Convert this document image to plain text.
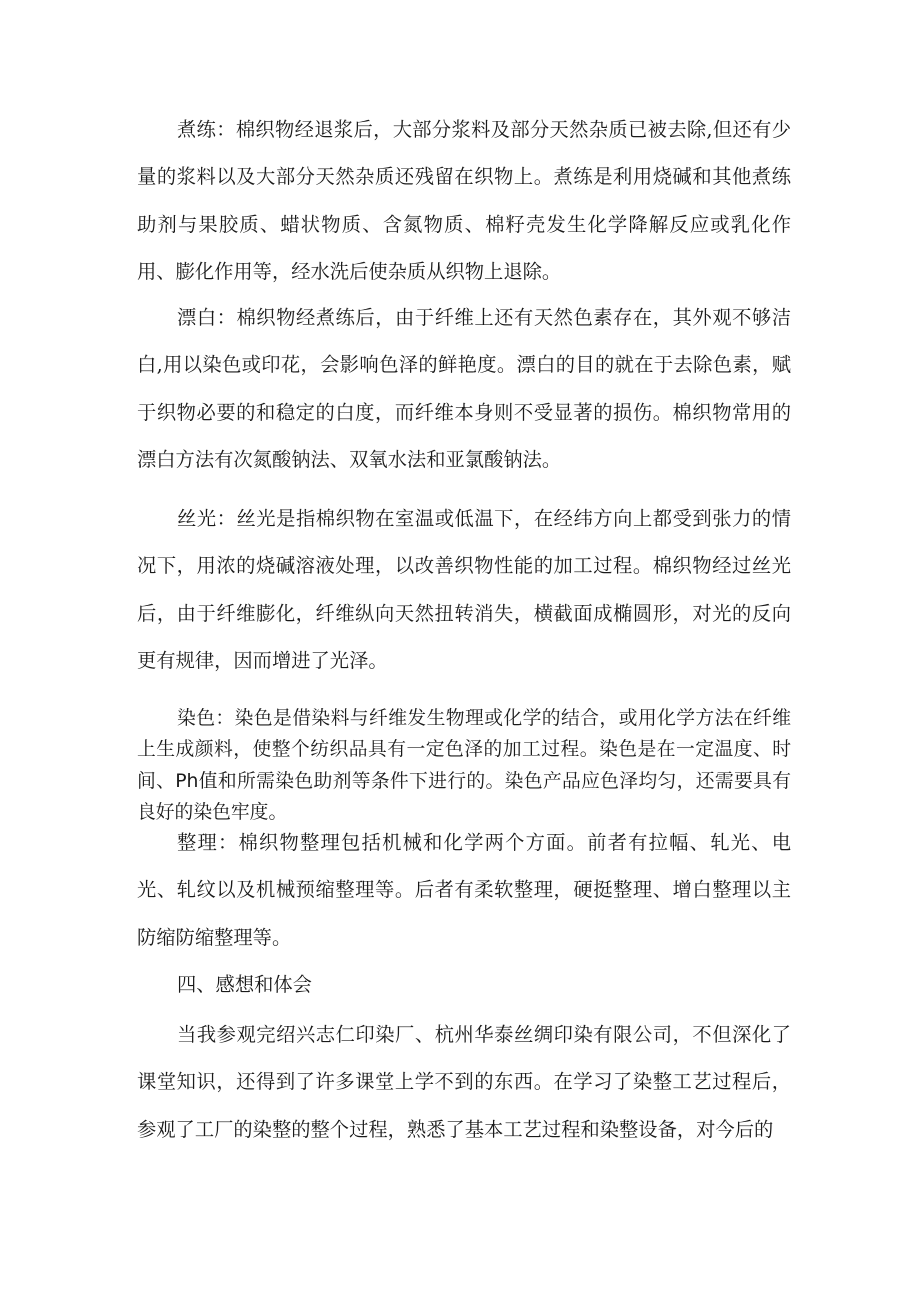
煮练：棉织物经退浆后，大部分浆料及部分天然杂质已被去除,但还有少量的浆料以及大部分天然杂质还残留在织物上。煮练是利用烧碱和其他煮练助剂与果胶质、蜡状物质、含氮物质、棉籽壳发生化学降解反应或乳化作用、膨化作用等，经水洗后使杂质从织物上退除。

漂白：棉织物经煮练后，由于纤维上还有天然色素存在，其外观不够洁白,用以染色或印花，会影响色泽的鲜艳度。漂白的目的就在于去除色素，赋于织物必要的和稳定的白度，而纤维本身则不受显著的损伤。棉织物常用的漂白方法有次氮酸钠法、双氧水法和亚氯酸钠法。

丝光：丝光是指棉织物在室温或低温下，在经纬方向上都受到张力的情况下，用浓的烧碱溶液处理，以改善织物性能的加工过程。棉织物经过丝光后，由于纤维膨化，纤维纵向天然扭转消失，横截面成椭圆形，对光的反向更有规律，因而增进了光泽。

染色：染色是借染料与纤维发生物理或化学的结合，或用化学方法在纤维上生成颜料，使整个纺织品具有一定色泽的加工过程。染色是在一定温度、时间、Ph值和所需染色助剂等条件下进行的。染色产品应色泽均匀，还需要具有良好的染色牢度。

整理：棉织物整理包括机械和化学两个方面。前者有拉幅、轧光、电光、轧纹以及机械预缩整理等。后者有柔软整理，硬挺整理、增白整理以主防缩防缩整理等。

四、感想和体会

当我参观完绍兴志仁印染厂、杭州华泰丝绸印染有限公司，不但深化了课堂知识，还得到了许多课堂上学不到的东西。在学习了染整工艺过程后，参观了工厂的染整的整个过程，熟悉了基本工艺过程和染整设备，对今后的
